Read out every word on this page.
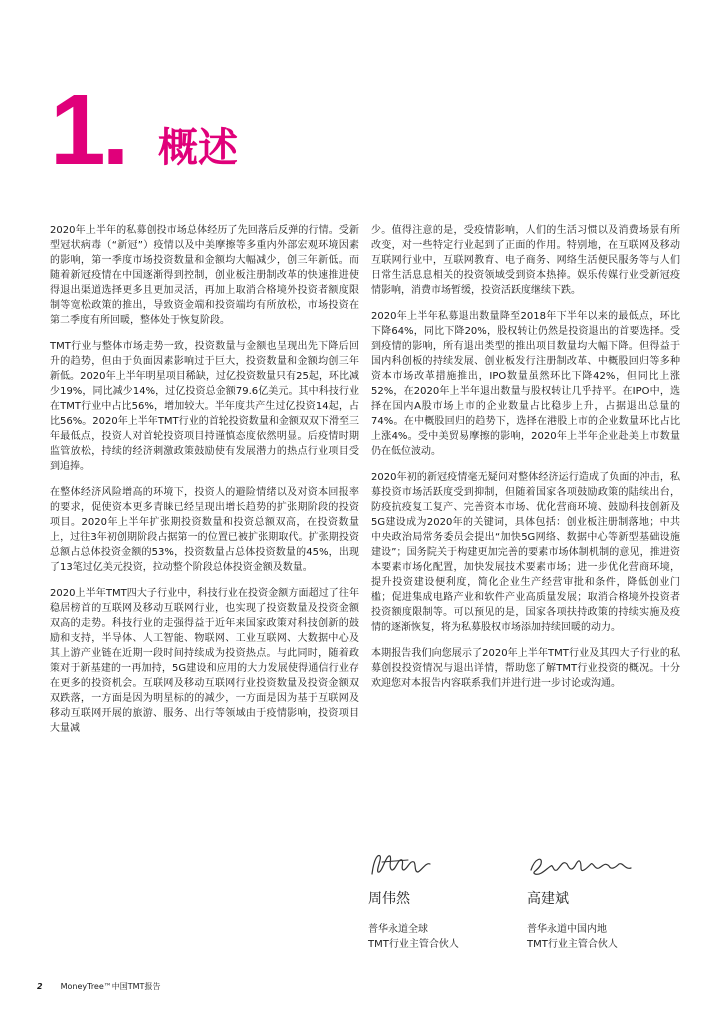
1. 概述

2020年上半年的私募创投市场总体经历了先回落后反弹的行情。受新型冠状病毒（“新冠”）疫情以及中美摩擦等多重内外部宏观环境因素的影响，第一季度市场投资数量和金额均大幅减少，创三年新低。而随着新冠疫情在中国逐渐得到控制，创业板注册制改革的快速推进使得退出渠道选择更多且更加灵活，再加上取消合格境外投资者额度限制等宽松政策的推出，导致资金端和投资端均有所放松，市场投资在第二季度有所回暖，整体处于恢复阶段。

TMT行业与整体市场走势一致，投资数量与金额也呈现出先下降后回升的趋势，但由于负面因素影响过于巨大，投资数量和金额均创三年新低。2020年上半年明星项目稀缺，过亿投资数量只有25起，环比减少19%，同比减少14%，过亿投资总金额79.6亿美元。其中科技行业在TMT行业中占比56%，增加较大。半年度共产生过亿投资14起，占比56%。2020年上半年TMT行业的首轮投资数量和金额双双下滑至三年最低点，投资人对首轮投资项目持谨慎态度依然明显。后疫情时期监管放松，持续的经济刺激政策鼓励使有发展潜力的热点行业项目受到追捧。

在整体经济风险增高的环境下，投资人的避险情绪以及对资本回报率的要求，促使资本更多青睐已经呈现出增长趋势的扩张期阶段的投资项目。2020年上半年扩张期投资数量和投资总额双高，在投资数量上，过往3年初创期阶段占据第一的位置已被扩张期取代。扩张期投资总额占总体投资金额的53%，投资数量占总体投资数量的45%，出现了13笔过亿美元投资，拉动整个阶段总体投资金额及数量。

2020上半年TMT四大子行业中，科技行业在投资金额方面超过了往年稳居榜首的互联网及移动互联网行业，也实现了投资数量及投资金额双高的走势。科技行业的走强得益于近年来国家政策对科技创新的鼓励和支持，半导体、人工智能、物联网、工业互联网、大数据中心及其上游产业链在近期一段时间持续成为投资热点。与此同时，随着政策对于新基建的一再加持，5G建设和应用的大力发展使得通信行业存在更多的投资机会。互联网及移动互联网行业投资数量及投资金额双双跌落，一方面是因为明星标的的减少，一方面是因为基于互联网及移动互联网开展的旅游、服务、出行等领域由于疫情影响，投资项目大量减

少。值得注意的是，受疫情影响，人们的生活习惯以及消费场景有所改变，对一些特定行业起到了正面的作用。特别地，在互联网及移动互联网行业中，互联网教育、电子商务、网络生活便民服务等与人们日常生活息息相关的投资领域受到资本热捧。娱乐传媒行业受新冠疫情影响，消费市场暂缓，投资活跃度继续下跌。

2020年上半年私募退出数量降至2018年下半年以来的最低点，环比下降64%，同比下降20%，股权转让仍然是投资退出的首要选择。受到疫情的影响，所有退出类型的推出项目数量均大幅下降。但得益于国内科创板的持续发展、创业板发行注册制改革、中概股回归等多种资本市场改革措施推出，IPO数量虽然环比下降42%，但同比上涨52%，在2020年上半年退出数量与股权转让几乎持平。在IPO中，选择在国内A股市场上市的企业数量占比稳步上升，占据退出总量的74%。在中概股回归的趋势下，选择在港股上市的企业数量环比占比上涨4%。受中美贸易摩擦的影响，2020年上半年企业赴美上市数量仍在低位波动。

2020年初的新冠疫情毫无疑问对整体经济运行造成了负面的冲击，私募投资市场活跃度受到抑制，但随着国家各项鼓励政策的陆续出台，防疫抗疫复工复产、完善资本市场、优化营商环境、鼓励科技创新及5G建设成为2020年的关键词，具体包括：创业板注册制落地；中共中央政治局常务委员会提出“加快5G网络、数据中心等新型基础设施建设”；国务院关于构建更加完善的要素市场体制机制的意见，推进资本要素市场化配置，加快发展技术要素市场；进一步优化营商环境，提升投资建设便利度，简化企业生产经营审批和条件，降低创业门槛；促进集成电路产业和软件产业高质量发展；取消合格境外投资者投资额度限制等。可以预见的是，国家各项扶持政策的持续实施及疫情的逐渐恢复，将为私募股权市场添加持续回暖的动力。

本期报告我们向您展示了2020年上半年TMT行业及其四大子行业的私募创投投资情况与退出详情，帮助您了解TMT行业投资的概况。十分欢迎您对本报告内容联系我们并进行进一步讨论或沟通。

周伟然
普华永道全球
TMT行业主管合伙人
高建斌
普华永道中国内地
TMT行业主管合伙人
2 MoneyTree™中国TMT报告
